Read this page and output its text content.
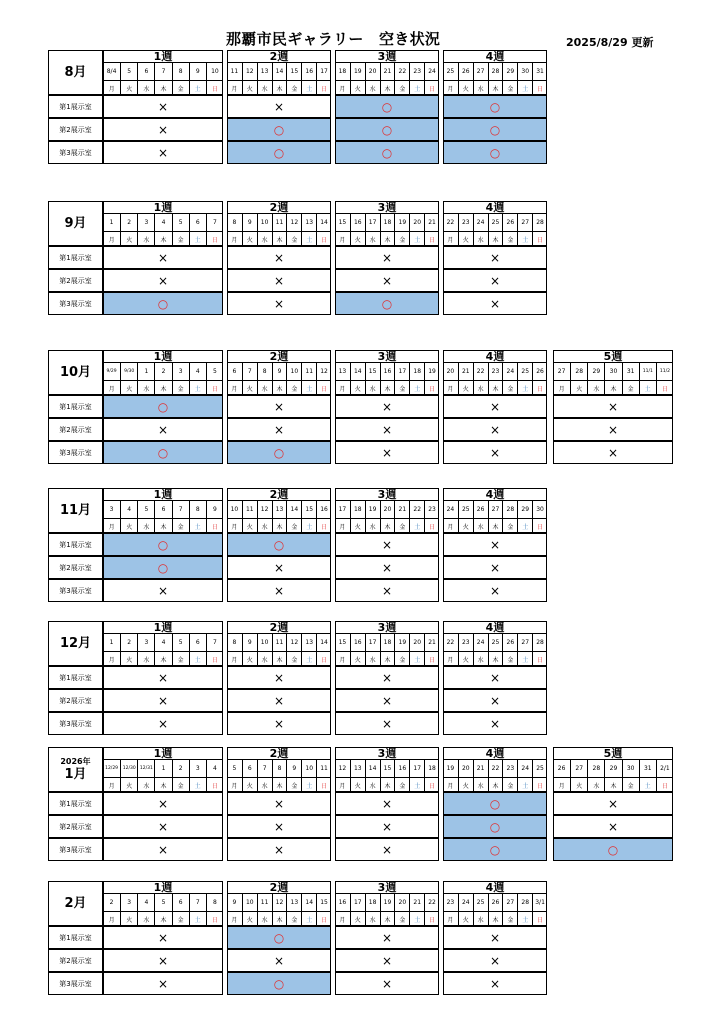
那覇市民ギャラリー　空き状況	2025/8/29 更新
8月
第1展示室
第2展示室
第3展示室
1週
8/4
月
5
火
6
水
7
木
8
金
9
土
10
日
×
×
×
2週
11
月
12
火
13
水
14
木
15
金
16
土
17
日
×
○
○
3週
18
月
19
火
20
水
21
木
22
金
23
土
24
日
○
○
○
4週
25
月
26
火
27
水
28
木
29
金
30
土
31
日
○
○
○
9月
第1展示室
第2展示室
第3展示室
1週
1
月
2
火
3
水
4
木
5
金
6
土
7
日
×
×
○
2週
8
月
9
火
10
水
11
木
12
金
13
土
14
日
×
×
×
3週
15
月
16
火
17
水
18
木
19
金
20
土
21
日
×
×
○
4週
22
月
23
火
24
水
25
木
26
金
27
土
28
日
×
×
×
10月
第1展示室
第2展示室
第3展示室
1週
9/29
月
9/30
火
1
水
2
木
3
金
4
土
5
日
○
×
○
2週
6
月
7
火
8
水
9
木
10
金
11
土
12
日
×
×
○
3週
13
月
14
火
15
水
16
木
17
金
18
土
19
日
×
×
×
4週
20
月
21
火
22
水
23
木
24
金
25
土
26
日
×
×
×
5週
27
月
28
火
29
水
30
木
31
金
11/1
土
11/2
日
×
×
×
11月
第1展示室
第2展示室
第3展示室
1週
3
月
4
火
5
水
6
木
7
金
8
土
9
日
○
○
×
2週
10
月
11
火
12
水
13
木
14
金
15
土
16
日
○
×
×
3週
17
月
18
火
19
水
20
木
21
金
22
土
23
日
×
×
×
4週
24
月
25
火
26
水
27
木
28
金
29
土
30
日
×
×
×
12月
第1展示室
第2展示室
第3展示室
1週
1
月
2
火
3
水
4
木
5
金
6
土
7
日
×
×
×
2週
8
月
9
火
10
水
11
木
12
金
13
土
14
日
×
×
×
3週
15
月
16
火
17
水
18
木
19
金
20
土
21
日
×
×
×
4週
22
月
23
火
24
水
25
木
26
金
27
土
28
日
×
×
×
2026年
1月
第1展示室
第2展示室
第3展示室
1週
12/29
月
12/30
火
12/31
水
1
木
2
金
3
土
4
日
×
×
×
2週
5
月
6
火
7
水
8
木
9
金
10
土
11
日
×
×
×
3週
12
月
13
火
14
水
15
木
16
金
17
土
18
日
×
×
×
4週
19
月
20
火
21
水
22
木
23
金
24
土
25
日
○
○
○
5週
26
月
27
火
28
水
29
木
30
金
31
土
2/1
日
×
×
○
2月
第1展示室
第2展示室
第3展示室
1週
2
月
3
火
4
水
5
木
6
金
7
土
8
日
×
×
×
2週
9
月
10
火
11
水
12
木
13
金
14
土
15
日
○
×
○
3週
16
月
17
火
18
水
19
木
20
金
21
土
22
日
×
×
×
4週
23
月
24
火
25
水
26
木
27
金
28
土
3/1
日
×
×
×
